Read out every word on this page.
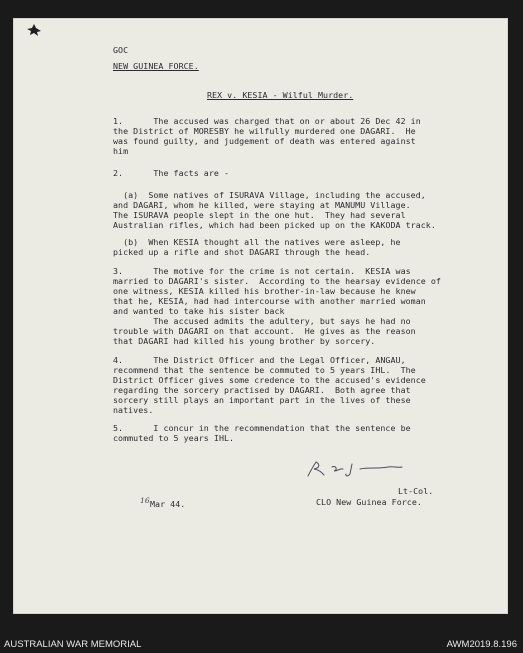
GOC
NEW GUINEA FORCE.
REX v. KESIA - Wilful Murder.
1.      The accused was charged that on or about 26 Dec 42 in
the District of MORESBY he wilfully murdered one DAGARI.  He
was found guilty, and judgement of death was entered against
him
2.      The facts are -
(a)  Some natives of ISURAVA Village, including the accused,
and DAGARI, whom he killed, were staying at MANUMU Village.
The ISURAVA people slept in the one hut.  They had several
Australian rifles, which had been picked up on the KAKODA track.
(b)  When KESIA thought all the natives were asleep, he
picked up a rifle and shot DAGARI through the head.
3.      The motive for the crime is not certain.  KESIA was
married to DAGARI's sister.  According to the hearsay evidence of
one witness, KESIA killed his brother-in-law because he knew
that he, KESIA, had had intercourse with another married woman
and wanted to take his sister back
The accused admits the adultery, but says he had no
trouble with DAGARI on that account.  He gives as the reason
that DAGARI had killed his young brother by sorcery.
4.      The District Officer and the Legal Officer, ANGAU,
recommend that the sentence be commuted to 5 years IHL.  The
District Officer gives some credence to the accused's evidence
regarding the sorcery practised by DAGARI.  Both agree that
sorcery still plays an important part in the lives of these
natives.
5.      I concur in the recommendation that the sentence be
commuted to 5 years IHL.
Lt-Col.
CLO New Guinea Force.
16 Mar 44.
AUSTRALIAN WAR MEMORIAL	AWM2019.8.196
